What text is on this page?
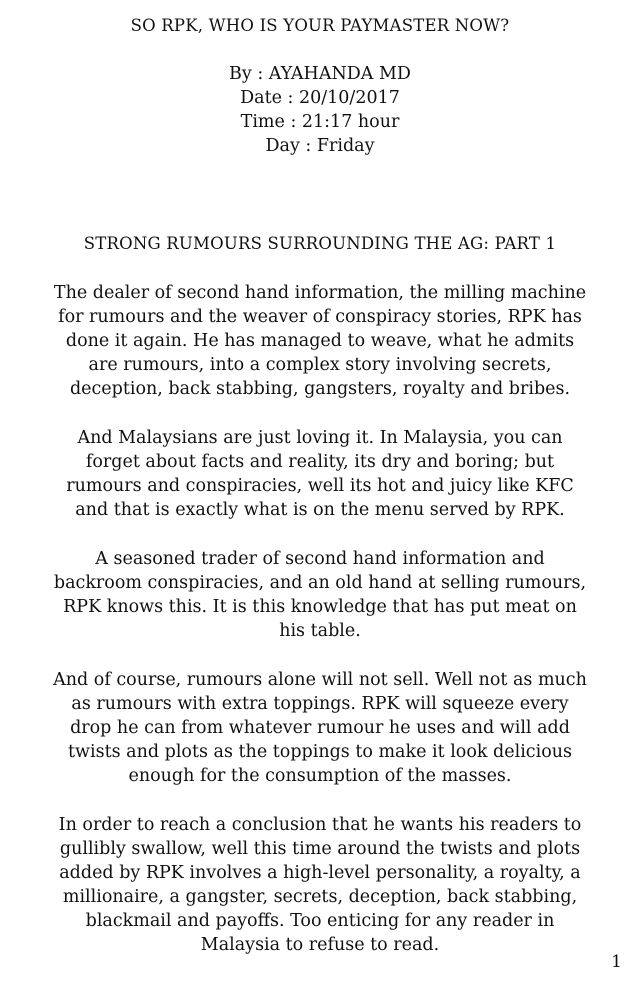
SO RPK, WHO IS YOUR PAYMASTER NOW?
By : AYAHANDA MD
Date : 20/10/2017
Time : 21:17 hour
Day : Friday
STRONG RUMOURS SURROUNDING THE AG: PART 1
The dealer of second hand information, the milling machine
for rumours and the weaver of conspiracy stories, RPK has
done it again. He has managed to weave, what he admits
are rumours, into a complex story involving secrets,
deception, back stabbing, gangsters, royalty and bribes.
And Malaysians are just loving it. In Malaysia, you can
forget about facts and reality, its dry and boring; but
rumours and conspiracies, well its hot and juicy like KFC
and that is exactly what is on the menu served by RPK.
A seasoned trader of second hand information and
backroom conspiracies, and an old hand at selling rumours,
RPK knows this. It is this knowledge that has put meat on
his table.
And of course, rumours alone will not sell. Well not as much
as rumours with extra toppings. RPK will squeeze every
drop he can from whatever rumour he uses and will add
twists and plots as the toppings to make it look delicious
enough for the consumption of the masses.
In order to reach a conclusion that he wants his readers to
gullibly swallow, well this time around the twists and plots
added by RPK involves a high-level personality, a royalty, a
millionaire, a gangster, secrets, deception, back stabbing,
blackmail and payoffs. Too enticing for any reader in
Malaysia to refuse to read.
1
